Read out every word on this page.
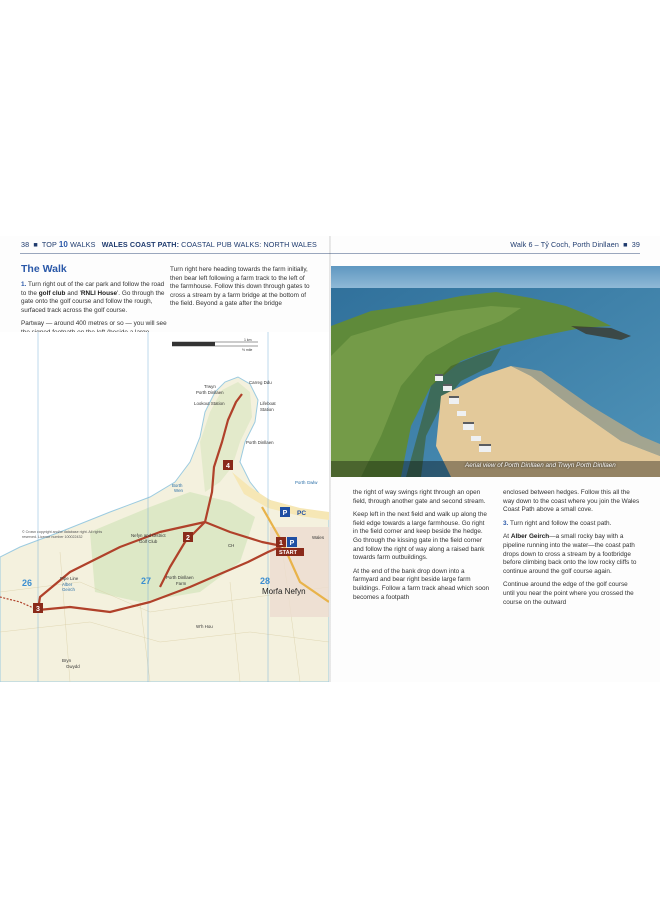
38  ■  TOP 10 WALKS WALES COAST PATH: COASTAL PUB WALKS: NORTH WALES	Walk 6 – Tŷ Coch, Porth Dinllaen ■ 39
The Walk

1. Turn right out of the car park and follow the road to the golf club and 'RNLI House'. Go through the gate onto the golf course and follow the rough, surfaced track across the golf course.

Partway — around 400 metres or so — you will see

Turn right here heading towards the farm initially, then bear left following a farm track to the left of the farmhouse. Follow this down through gates to cross a stream by a farm bridge at the bottom of the field. Beyond a gate after the bridge

1
2
3
4
P
P PC
START
Carreg Ddu
Trwyn
Porth Dinllaen
Lookout Station	Lifeboat
Station
Porth Dinllaen
Porth Gwlw
Borth
Wen
Nefyn and District
Golf Club
CH
Porth Dinllaen
Farm
Pipe Line
Alber
Geirch	Morfa Nefyn
Wales
Bryn
Gwydd
W'h Hou
27	28
26
1 km
½ mile
© Crown copyright and/or database right. All rights reserved. Licence number 100022432
Aerial view of Porth Dinllaen and Trwyn Porth Dinllaen

the right of way swings right through an open field, through another gate and second stream.

Keep left in the next field and walk up along the field edge towards a large farmhouse. Go right in the field corner and keep beside the hedge. Go through the kissing gate in the field corner and follow the right of way along a raised bank towards farm outbuildings.

At the end of the bank drop down into a farmyard and bear right beside large farm buildings. Follow a farm track ahead which soon becomes a footpath

enclosed between hedges. Follow this all the way down to the coast where you join the Wales Coast Path above a small cove.

3. Turn right and follow the coast path.

At Alber Geirch—a small rocky bay with a pipeline running into the water—the coast path drops down to cross a stream by a footbridge before climbing back onto the low rocky cliffs to continue around the golf course again.

Continue around the edge of the golf course until you near the point where you crossed the course on the outward
